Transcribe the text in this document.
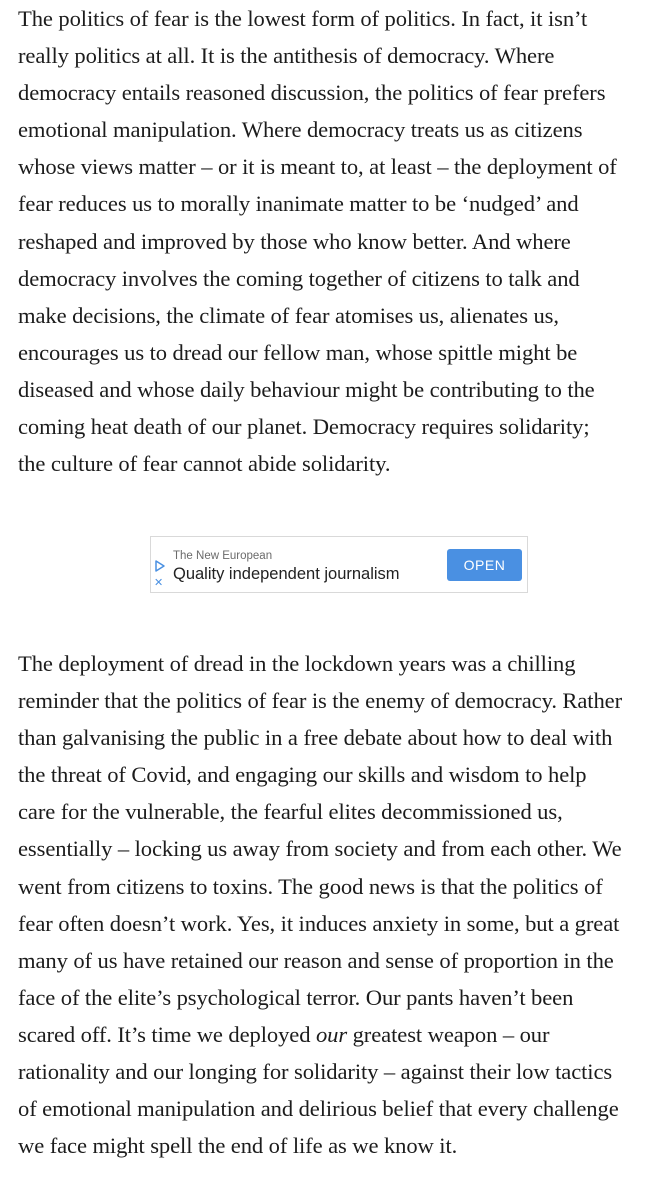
The politics of fear is the lowest form of politics. In fact, it isn’t
really politics at all. It is the antithesis of democracy. Where
democracy entails reasoned discussion, the politics of fear prefers
emotional manipulation. Where democracy treats us as citizens
whose views matter – or it is meant to, at least – the deployment of
fear reduces us to morally inanimate matter to be ‘nudged’ and
reshaped and improved by those who know better. And where
democracy involves the coming together of citizens to talk and
make decisions, the climate of fear atomises us, alienates us,
encourages us to dread our fellow man, whose spittle might be
diseased and whose daily behaviour might be contributing to the
coming heat death of our planet. Democracy requires solidarity;
the culture of fear cannot abide solidarity.
The deployment of dread in the lockdown years was a chilling
reminder that the politics of fear is the enemy of democracy. Rather
than galvanising the public in a free debate about how to deal with
the threat of Covid, and engaging our skills and wisdom to help
care for the vulnerable, the fearful elites decommissioned us,
essentially – locking us away from society and from each other. We
went from citizens to toxins. The good news is that the politics of
fear often doesn’t work. Yes, it induces anxiety in some, but a great
many of us have retained our reason and sense of proportion in the
face of the elite’s psychological terror. Our pants haven’t been
scared off. It’s time we deployed our greatest weapon – our
rationality and our longing for solidarity – against their low tactics
of emotional manipulation and delirious belief that every challenge
we face might spell the end of life as we know it.
✕
The New European
Quality independent journalism	OPEN
